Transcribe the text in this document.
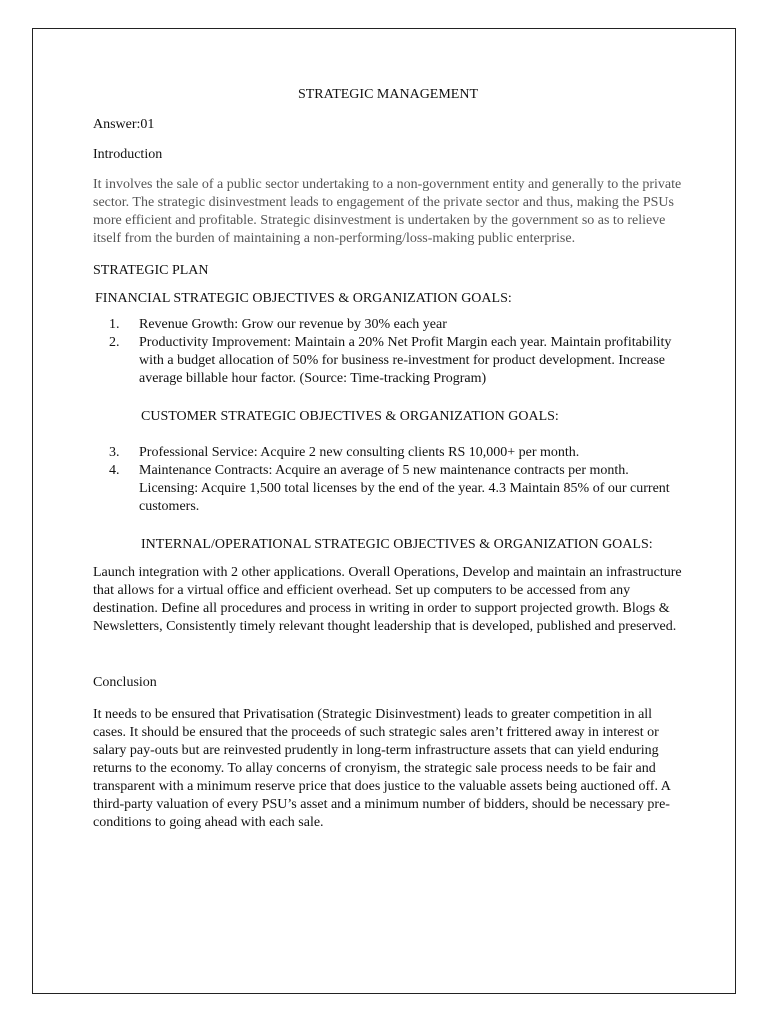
STRATEGIC MANAGEMENT

Answer:01

Introduction

It involves the sale of a public sector undertaking to a non-government entity and generally to the private sector. The strategic disinvestment leads to engagement of the private sector and thus, making the PSUs more efficient and profitable. Strategic disinvestment is undertaken by the government so as to relieve itself from the burden of maintaining a non-performing/loss-making public enterprise.

STRATEGIC PLAN

FINANCIAL STRATEGIC OBJECTIVES & ORGANIZATION GOALS:

1.	Revenue Growth: Grow our revenue by 30% each year
2.	Productivity Improvement: Maintain a 20% Net Profit Margin each year. Maintain profitability with a budget allocation of 50% for business re-investment for product development. Increase average billable hour factor. (Source: Time-tracking Program)

CUSTOMER STRATEGIC OBJECTIVES & ORGANIZATION GOALS:

3.	Professional Service: Acquire 2 new consulting clients RS 10,000+ per month.
4.	Maintenance Contracts: Acquire an average of 5 new maintenance contracts per month. Licensing: Acquire 1,500 total licenses by the end of the year. 4.3 Maintain 85% of our current customers.

INTERNAL/OPERATIONAL STRATEGIC OBJECTIVES & ORGANIZATION GOALS:

Launch integration with 2 other applications. Overall Operations, Develop and maintain an infrastructure that allows for a virtual office and efficient overhead. Set up computers to be accessed from any destination. Define all procedures and process in writing in order to support projected growth. Blogs & Newsletters, Consistently timely relevant thought leadership that is developed, published and preserved.

Conclusion

It needs to be ensured that Privatisation (Strategic Disinvestment) leads to greater competition in all cases. It should be ensured that the proceeds of such strategic sales aren’t frittered away in interest or salary pay-outs but are reinvested prudently in long-term infrastructure assets that can yield enduring returns to the economy. To allay concerns of cronyism, the strategic sale process needs to be fair and transparent with a minimum reserve price that does justice to the valuable assets being auctioned off. A third-party valuation of every PSU’s asset and a minimum number of bidders, should be necessary pre-conditions to going ahead with each sale.
